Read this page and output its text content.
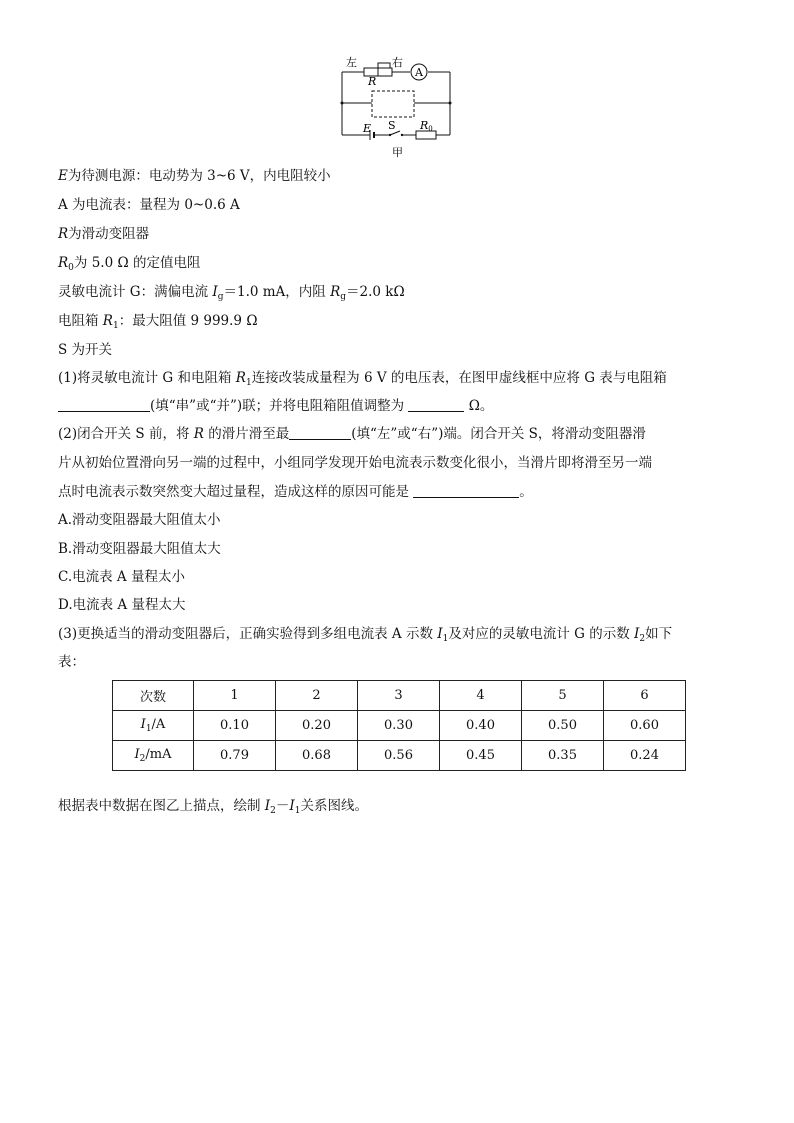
左	右
R
A
E S R0
甲
E为待测电源：电动势为 3~6 V，内电阻较小
A 为电流表：量程为 0~0.6 A
R为滑动变阻器
$R_0$为 5.0 Ω 的定值电阻
灵敏电流计 G：满偏电流 $I_g=1.0$ mA，内阻 $R_g=2.0$ kΩ
电阻箱 $R_1$：最大阻值 9 999.9 Ω
S 为开关
(1)将灵敏电流计 G 和电阻箱 $R_1$连接改装成量程为 6 V 的电压表，在图甲虚线框中应将 G 表与电阻箱
(填“串”或“并”)联；并将电阻箱阻值调整为	Ω。
(2)闭合开关 S 前，将 R 的滑片滑至最	(填“左”或“右”)端。闭合开关 S，将滑动变阻器滑
片从初始位置滑向另一端的过程中，小组同学发现开始电流表示数变化很小，当滑片即将滑至另一端
点时电流表示数突然变大超过量程，造成这样的原因可能是	。
A.滑动变阻器最大阻值太小
B.滑动变阻器最大阻值太大
C.电流表 A 量程太小
D.电流表 A 量程太大
(3)更换适当的滑动变阻器后，正确实验得到多组电流表 A 示数 $I_1$及对应的灵敏电流计 G 的示数 $I_2$如下
表：
次数	1	2	3	4	5	6
$I_1/A$	0.10	0.20	0.30	0.40	0.50	0.60
$I_2/mA$	0.79	0.68	0.56	0.45	0.35	0.24
根据表中数据在图乙上描点，绘制 $I_2-I_1$关系图线。
